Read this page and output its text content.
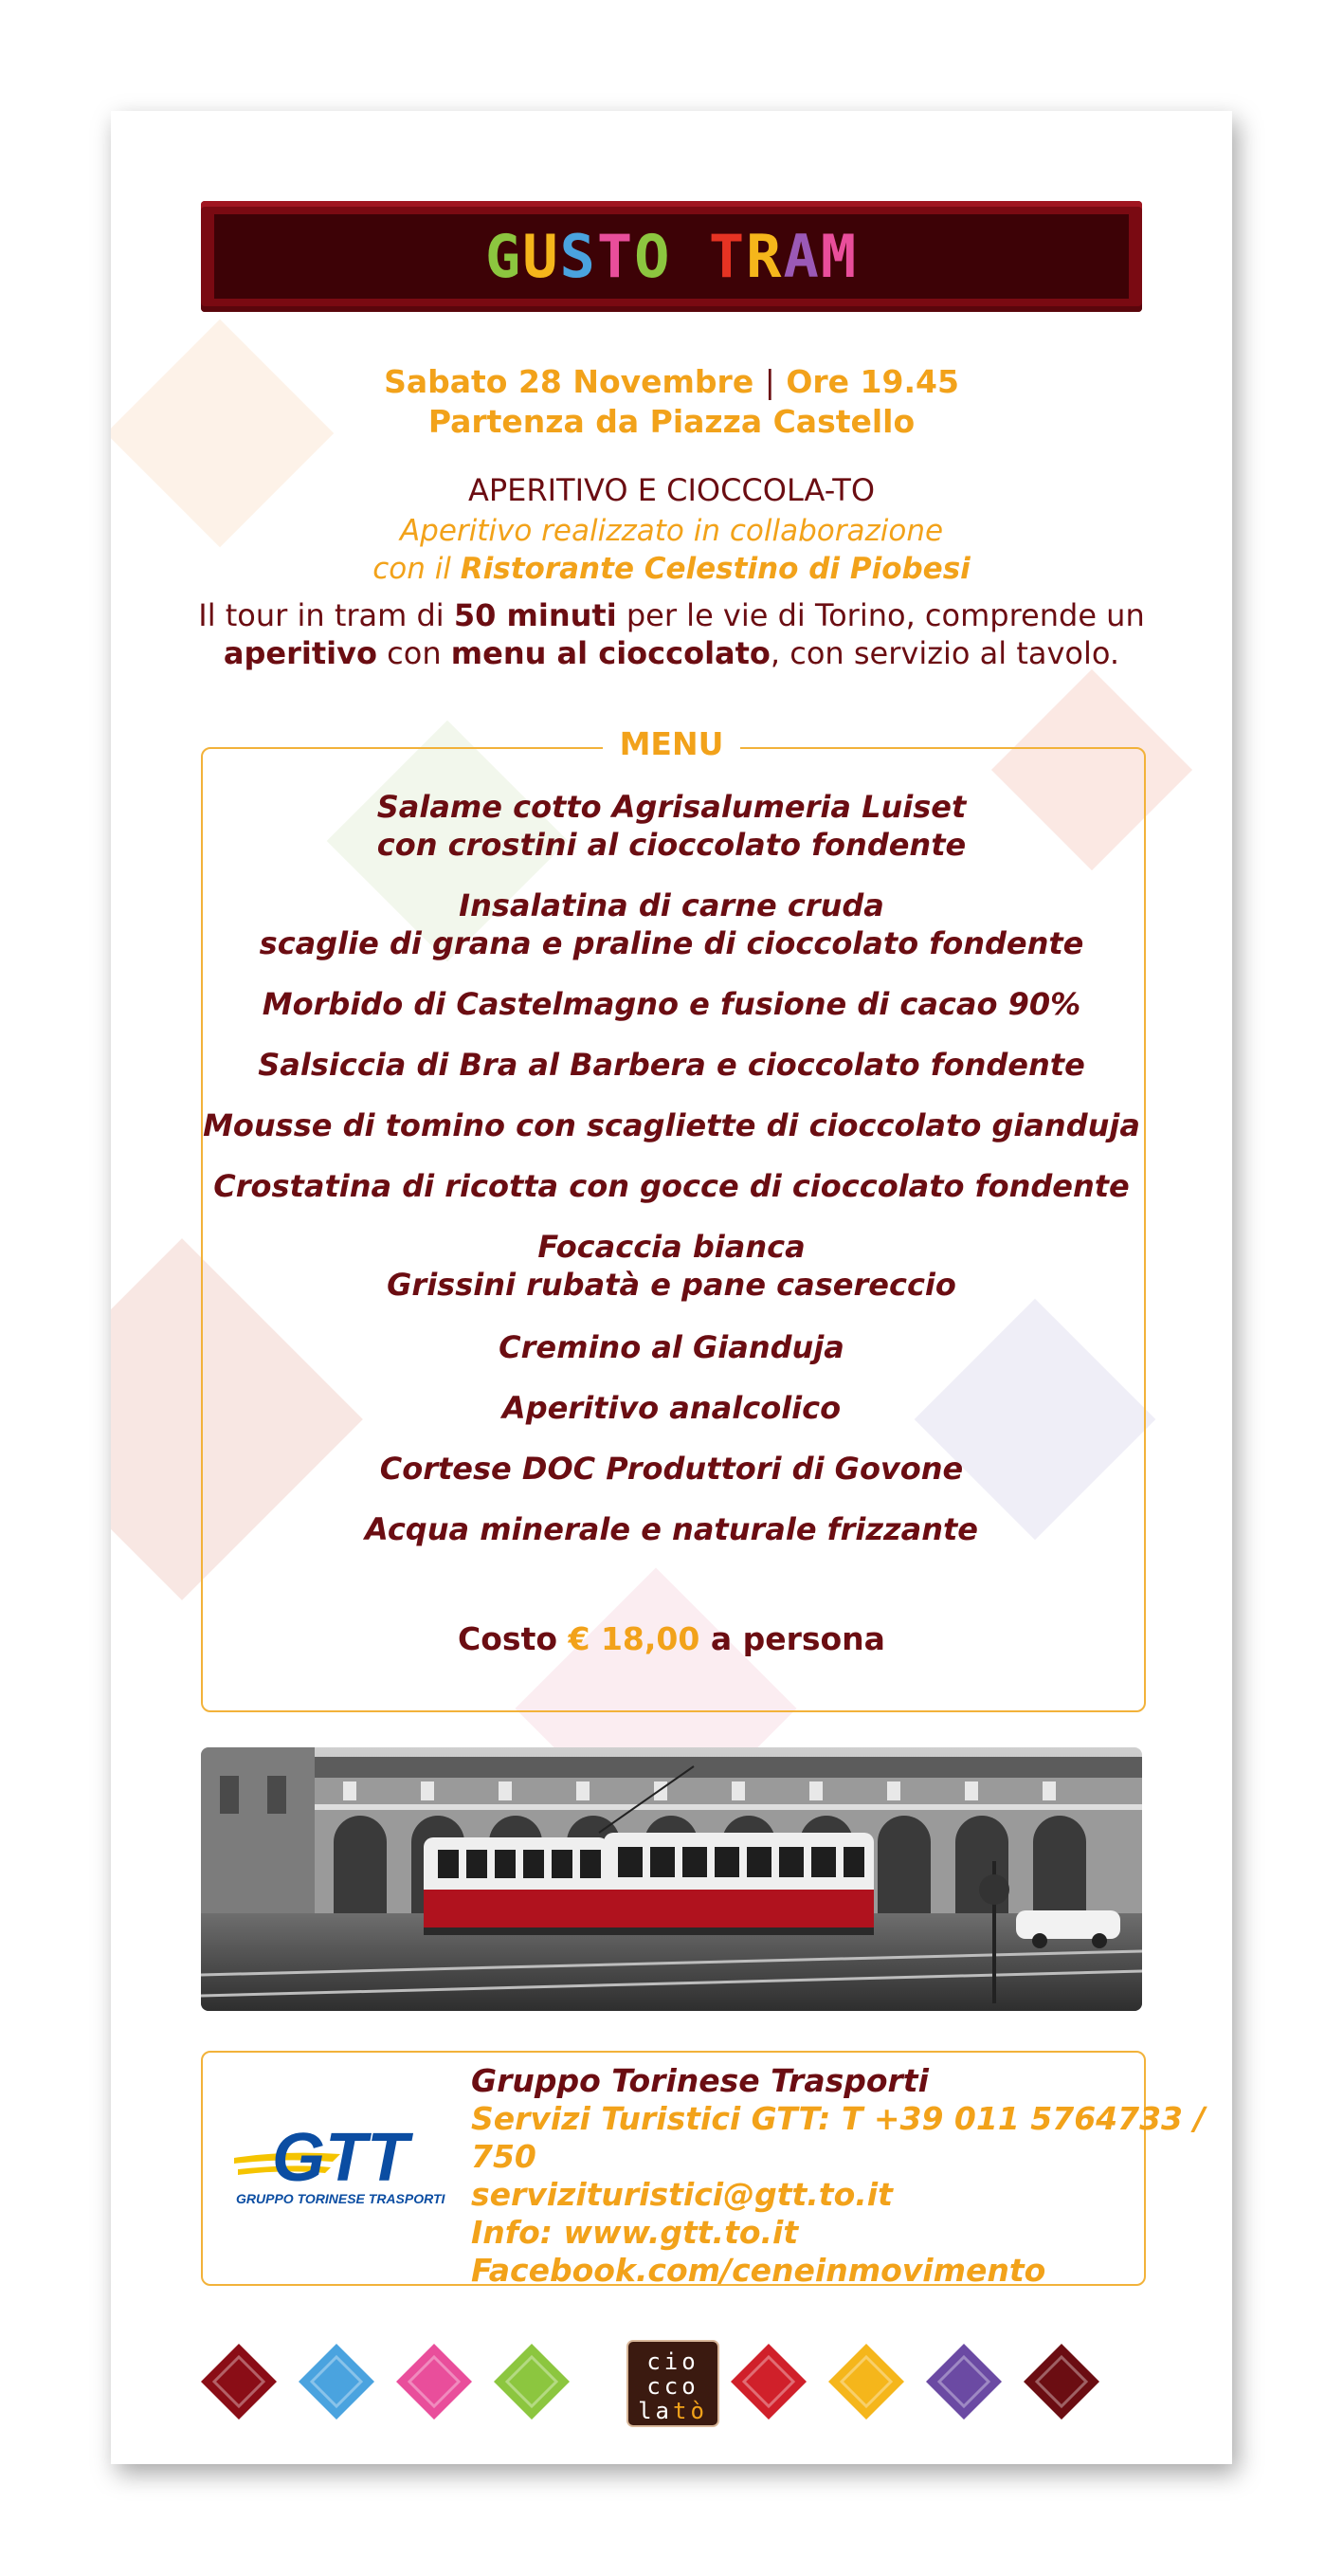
GUSTO TRAM
Sabato 28 Novembre | Ore 19.45
Partenza da Piazza Castello
APERITIVO E CIOCCOLA-TO
Aperitivo realizzato in collaborazione
con il Ristorante Celestino di Piobesi
Il tour in tram di 50 minuti per le vie di Torino, comprende un
aperitivo con menu al cioccolato, con servizio al tavolo.
MENU
Salame cotto Agrisalumeria Luiset
con crostini al cioccolato fondente
Insalatina di carne cruda
scaglie di grana e praline di cioccolato fondente
Morbido di Castelmagno e fusione di cacao 90%
Salsiccia di Bra al Barbera e cioccolato fondente
Mousse di tomino con scagliette di cioccolato gianduja
Crostatina di ricotta con gocce di cioccolato fondente
Focaccia bianca
Grissini rubatà e pane casereccio
Cremino al Gianduja
Aperitivo analcolico
Cortese DOC Produttori di Govone
Acqua minerale e naturale frizzante
Costo € 18,00 a persona
GTT
GRUPPO TORINESE TRASPORTI
Gruppo Torinese Trasporti
Servizi Turistici GTT: T +39 011 5764733 / 750
servizituristici@gtt.to.it
Info: www.gtt.to.it
Facebook.com/ceneinmovimento
cio
cco
latò
